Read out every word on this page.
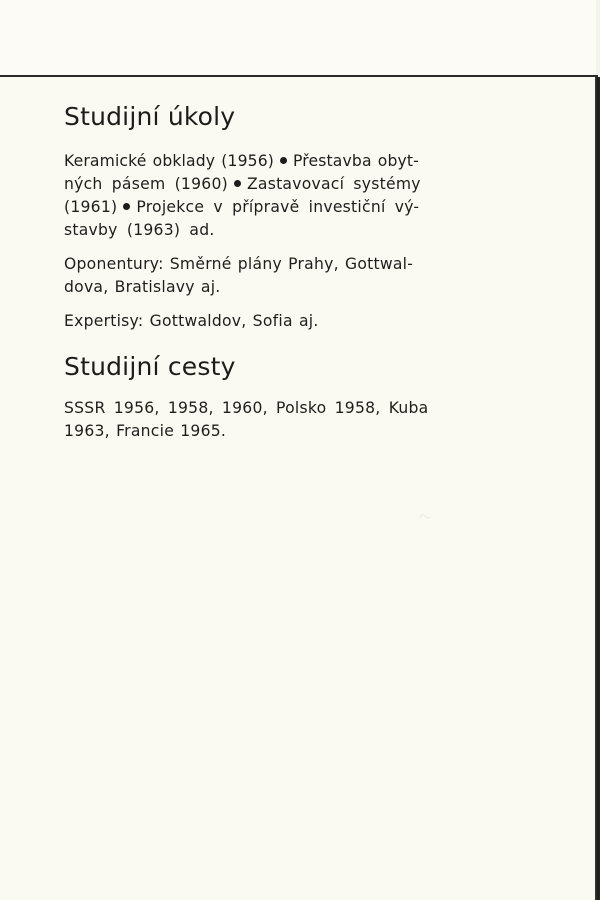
Studijní úkoly

Keramické obklady (1956) Přestavba obyt-

ných pásem (1960) Zastavovací systémy

(1961) Projekce v přípravě investiční vý-

stavby (1963) ad.

Oponentury: Směrné plány Prahy, Gottwal-

dova, Bratislavy aj.

Expertisy: Gottwaldov, Sofia aj.

Studijní cesty

SSSR 1956, 1958, 1960, Polsko 1958, Kuba

1963, Francie 1965.
